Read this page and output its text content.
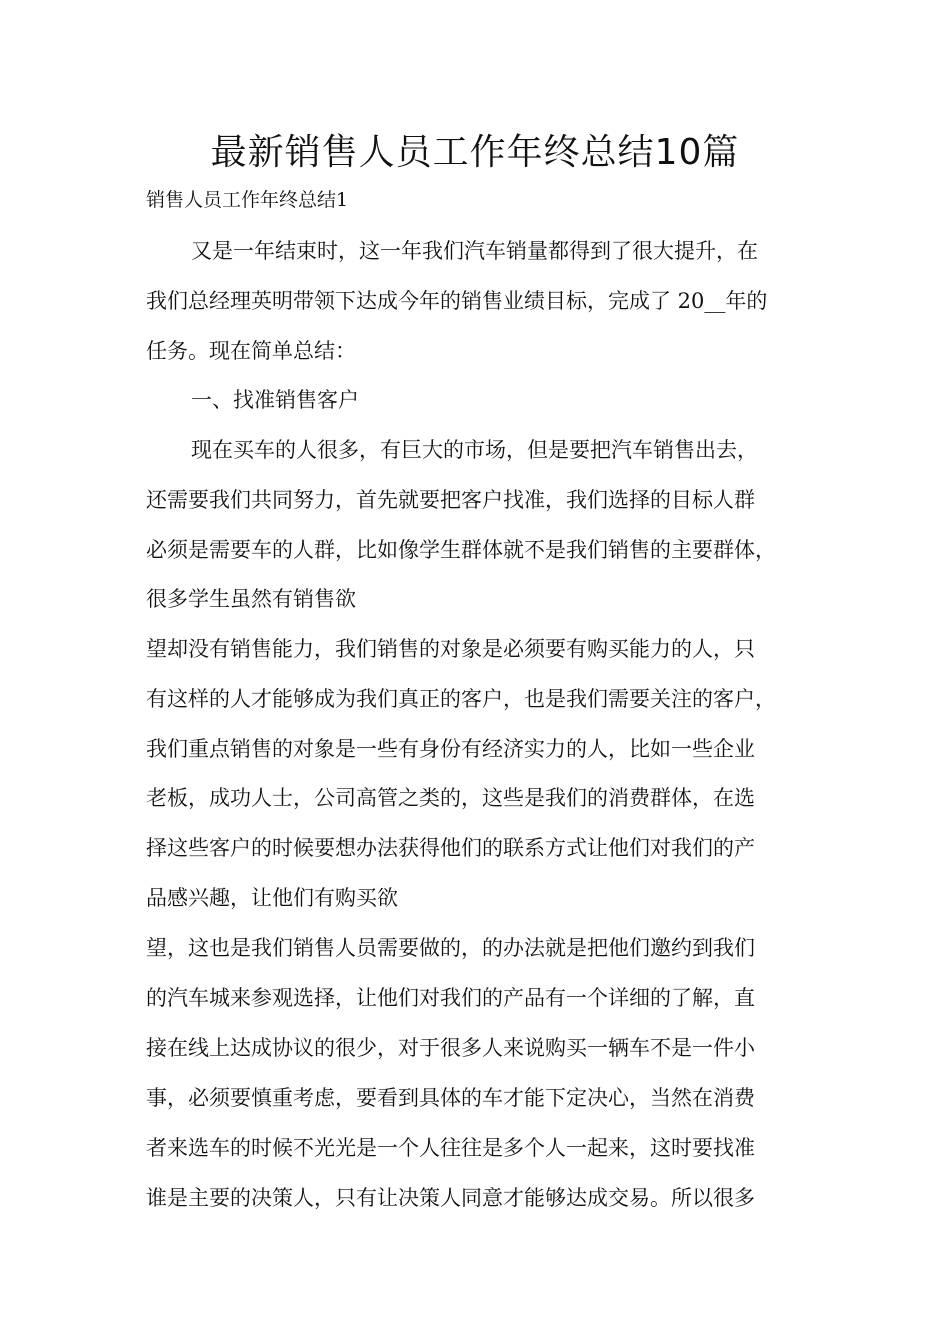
最新销售人员工作年终总结10篇
销售人员工作年终总结1
又是一年结束时，这一年我们汽车销量都得到了很大提升，在
我们总经理英明带领下达成今年的销售业绩目标，完成了 20__年的
任务。现在简单总结：
一、找准销售客户
现在买车的人很多，有巨大的市场，但是要把汽车销售出去，
还需要我们共同努力，首先就要把客户找准，我们选择的目标人群
必须是需要车的人群，比如像学生群体就不是我们销售的主要群体，
很多学生虽然有销售欲
望却没有销售能力，我们销售的对象是必须要有购买能力的人，只
有这样的人才能够成为我们真正的客户，也是我们需要关注的客户，
我们重点销售的对象是一些有身份有经济实力的人，比如一些企业
老板，成功人士，公司高管之类的，这些是我们的消费群体，在选
择这些客户的时候要想办法获得他们的联系方式让他们对我们的产
品感兴趣，让他们有购买欲
望，这也是我们销售人员需要做的，的办法就是把他们邀约到我们
的汽车城来参观选择，让他们对我们的产品有一个详细的了解，直
接在线上达成协议的很少，对于很多人来说购买一辆车不是一件小
事，必须要慎重考虑，要看到具体的车才能下定决心，当然在消费
者来选车的时候不光光是一个人往往是多个人一起来，这时要找准
谁是主要的决策人，只有让决策人同意才能够达成交易。所以很多
